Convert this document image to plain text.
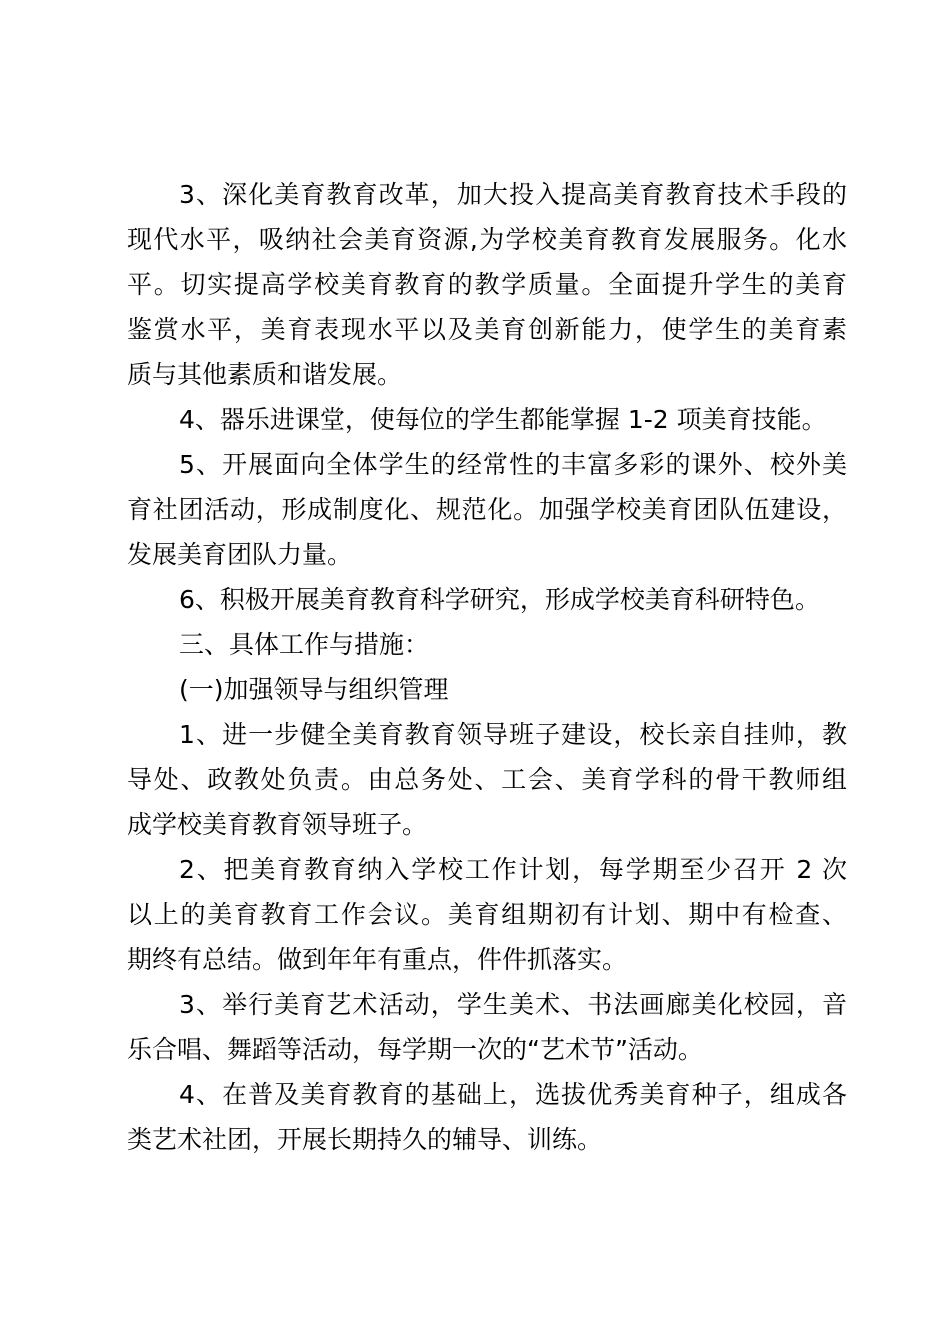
3、深化美育教育改革，加大投入提高美育教育技术手段的
现代水平，吸纳社会美育资源,为学校美育教育发展服务。化水
平。切实提高学校美育教育的教学质量。全面提升学生的美育
鉴赏水平，美育表现水平以及美育创新能力，使学生的美育素
质与其他素质和谐发展。
4、器乐进课堂，使每位的学生都能掌握 1-2 项美育技能。
5、开展面向全体学生的经常性的丰富多彩的课外、校外美
育社团活动，形成制度化、规范化。加强学校美育团队伍建设，
发展美育团队力量。
6、积极开展美育教育科学研究，形成学校美育科研特色。
三、具体工作与措施：
(一)加强领导与组织管理
1、进一步健全美育教育领导班子建设，校长亲自挂帅，教
导处、政教处负责。由总务处、工会、美育学科的骨干教师组
成学校美育教育领导班子。
2、把美育教育纳入学校工作计划，每学期至少召开 2 次
以上的美育教育工作会议。美育组期初有计划、期中有检查、
期终有总结。做到年年有重点，件件抓落实。
3、举行美育艺术活动，学生美术、书法画廊美化校园，音
乐合唱、舞蹈等活动，每学期一次的“艺术节”活动。
4、在普及美育教育的基础上，选拔优秀美育种子，组成各
类艺术社团，开展长期持久的辅导、训练。
